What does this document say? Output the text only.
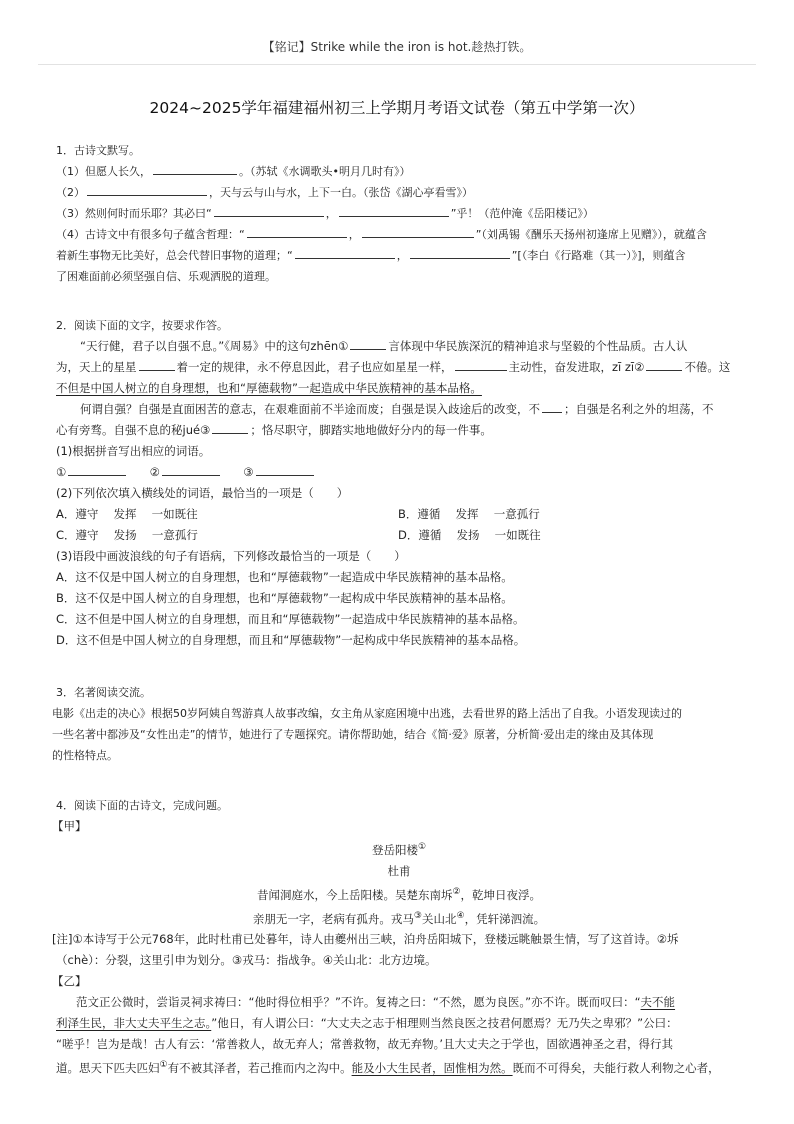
【铭记】Strike while the iron is hot.趁热打铁。
2024~2025学年福建福州初三上学期月考语文试卷（第五中学第一次）
1．古诗文默写。
（1）但愿人长久，	。（苏轼《水调歌头•明月几时有》）
（2）	，天与云与山与水，上下一白。（张岱《湖心亭看雪》）
（3）然则何时而乐耶？其必曰“	，	”乎！（范仲淹《岳阳楼记》）
（4）古诗文中有很多句子蕴含哲理：“	，	”（刘禹锡《酬乐天扬州初逢席上见赠》），就蕴含
着新生事物无比美好，总会代替旧事物的道理；“	，	”[（李白《行路难（其一）》]，则蕴含
了困难面前必须坚强自信、乐观洒脱的道理。
2．阅读下面的文字，按要求作答。
“天行健，君子以自强不息。”《周易》中的这句zhēn①	言体现中华民族深沉的精神追求与坚毅的个性品质。古人认
为，天上的星星	着一定的规律，永不停息因此，君子也应如星星一样，	主动性，奋发进取，zī zī②	不倦。这
不但是中国人树立的自身理想，也和“厚德载物”一起造成中华民族精神的基本品格。
何谓自强？自强是直面困苦的意志，在艰难面前不半途而废；自强是误入歧途后的改变，不 ；自强是名利之外的坦荡，不
心有旁骛。自强不息的秘jué③	；恪尽职守，脚踏实地地做好分内的每一件事。
(1)根据拼音写出相应的词语。
①	②	③
(2)下列依次填入横线处的词语，最恰当的一项是（　　）
A．遵守　 发挥　 一如既往	B．遵循　 发挥　 一意孤行
C．遵守　 发扬　 一意孤行	D．遵循　 发扬　 一如既往
(3)语段中画波浪线的句子有语病，下列修改最恰当的一项是（　　）
A．这不仅是中国人树立的自身理想，也和“厚德载物”一起造成中华民族精神的基本品格。
B．这不仅是中国人树立的自身理想，也和“厚德载物”一起构成中华民族精神的基本品格。
C．这不但是中国人树立的自身理想，而且和“厚德载物”一起造成中华民族精神的基本品格。
D．这不但是中国人树立的自身理想，而且和“厚德载物”一起构成中华民族精神的基本品格。
3．名著阅读交流。
电影《出走的决心》根据50岁阿姨自驾游真人故事改编，女主角从家庭困境中出逃，去看世界的路上活出了自我。小语发现读过的
一些名著中都涉及“女性出走”的情节，她进行了专题探究。请你帮助她，结合《简·爱》原著，分析简·爱出走的缘由及其体现
的性格特点。
4．阅读下面的古诗文，完成问题。
【甲】
登岳阳楼①
杜甫
昔闻洞庭水，今上岳阳楼。吴楚东南坼②，乾坤日夜浮。
亲朋无一字，老病有孤舟。戎马③关山北④，凭轩涕泗流。
[注]①本诗写于公元768年，此时杜甫已处暮年，诗人由夔州出三峡，泊舟岳阳城下，登楼远眺触景生情，写了这首诗。②坼
（chè）：分裂，这里引申为划分。③戎马：指战争。④关山北：北方边境。
【乙】
范文正公微时，尝诣灵祠求祷曰：“他时得位相乎？”不许。复祷之曰：“不然，愿为良医。”亦不许。既而叹曰：“夫不能
利泽生民，非大丈夫平生之志。”他日，有人谓公曰：“大丈夫之志于相理则当然良医之技君何愿焉？无乃失之卑邪？”公曰：
“嗟乎！岂为是哉！古人有云：‘常善救人，故无弃人；常善救物，故无弃物。’且大丈夫之于学也，固欲遇神圣之君，得行其
道。思天下匹夫匹妇①有不被其泽者，若己推而内之沟中。能及小大生民者，固惟相为然。既而不可得矣，夫能行救人利物之心者，
